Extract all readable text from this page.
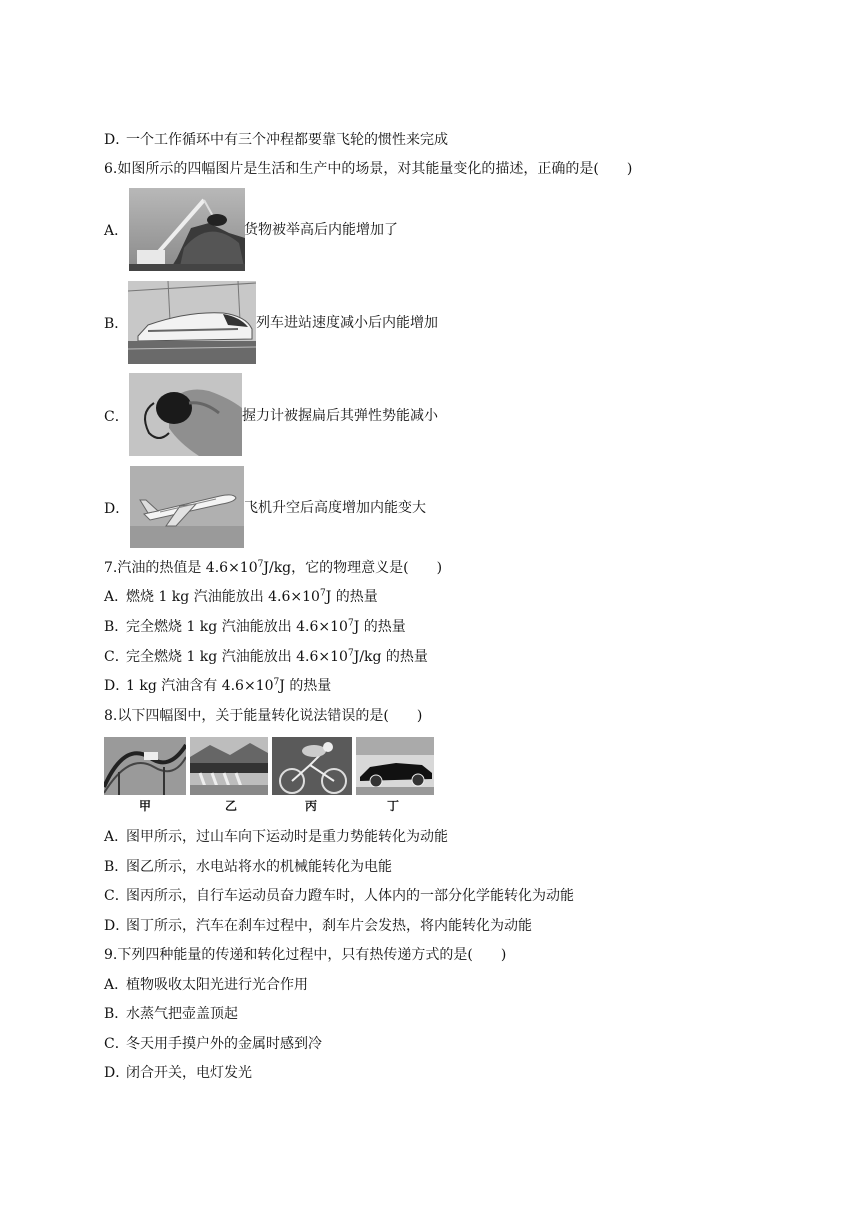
D．一个工作循环中有三个冲程都要靠飞轮的惯性来完成
6.如图所示的四幅图片是生活和生产中的场景，对其能量变化的描述，正确的是(　　)
A．	货物被举高后内能增加了
B．	列车进站速度减小后内能增加
C．	握力计被握扁后其弹性势能减小
D．	飞机升空后高度增加内能变大
7.汽油的热值是 $4.6\times 10^7J/kg$，它的物理意义是(　　)
A．燃烧 1 kg 汽油能放出 $4.6\times 10^7J$ 的热量
B．完全燃烧 1 kg 汽油能放出 $4.6\times 10^7J$ 的热量
C．完全燃烧 1 kg 汽油能放出 $4.6\times 10^7J/kg$ 的热量
D．1 kg 汽油含有 $4.6\times 10^7J$ 的热量
8.以下四幅图中，关于能量转化说法错误的是(　　)
甲	乙	丙	丁
A．图甲所示，过山车向下运动时是重力势能转化为动能
B．图乙所示，水电站将水的机械能转化为电能
C．图丙所示，自行车运动员奋力蹬车时，人体内的一部分化学能转化为动能
D．图丁所示，汽车在刹车过程中，刹车片会发热，将内能转化为动能
9.下列四种能量的传递和转化过程中，只有热传递方式的是(　　)
A．植物吸收太阳光进行光合作用
B．水蒸气把壶盖顶起
C．冬天用手摸户外的金属时感到冷
D．闭合开关，电灯发光
